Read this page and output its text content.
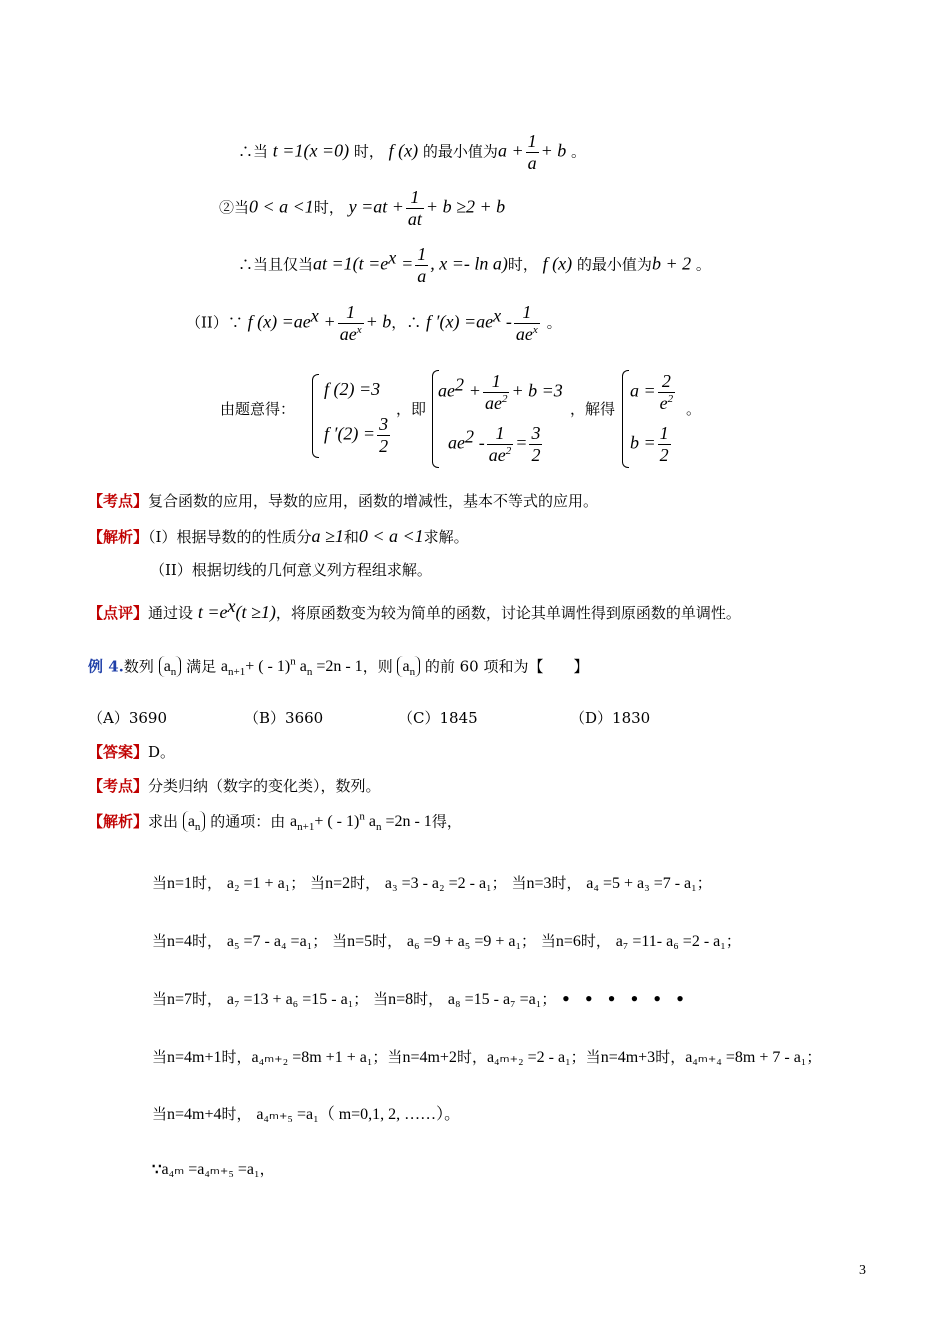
∴当 t =1(x =0) 时， f (x) 的最小值为$a + \frac{1}{a} + b$ 。
②当0 < a <1时， $y =at + \frac{1}{at} + b \ge 2 + b$
∴当且仅当at $=1(t =e^x = \frac{1}{a}$ , x =- ln a)时， f (x) 的最小值为b + 2 。
（II）∵ f $(x) =ae^x + \frac{1}{ae^x} + b$，∴ f $'(x) =ae^x - \frac{1}{ae^x}$ 。
由题意得：
f (2) =3
f $'(2) = \frac{3}{2}$
，即
$ae^2 + \frac{1}{ae^2} + b =3$
$ae^2 - \frac{1}{ae^2} = \frac{3}{2}$
，解得
$a = \frac{2}{e^2}$
$b = \frac{1}{2}$
。
【考点】复合函数的应用，导数的应用，函数的增减性，基本不等式的应用。
【解析】（I）根据导数的的性质分a ≥1和0 < a <1求解。
（II）根据切线的几何意义列方程组求解。
【点评】通过设 $t =e^x(t \ge 1)$，将原函数变为较为简单的函数，讨论其单调性得到原函数的单调性。
例 4.数列 $a_n$ 满足 $a_{n+1}+$ ( - 1)$^n$ $a_n =2n - 1$，则 $a_n$ 的前 60 项和为【　　】
（A）3690	（B）3660	（C）1845	（D）1830
【答案】D。
【考点】分类归纳（数字的变化类），数列。
【解析】求出 $a_n$ 的通项：由 $a_{n+1}+$ ( - 1)$^n$ $a_n =2n - 1$得，
当n=1时， a₂ =1 + a₁； 当n=2时， a₃ =3 - a₂ =2 - a₁； 当n=3时， a₄ =5 + a₃ =7 - a₁；
当n=4时， a₅ =7 - a₄ =a₁； 当n=5时， a₆ =9 + a₅ =9 + a₁； 当n=6时， a₇ =11- a₆ =2 - a₁；
当n=7时， a₇ =13 + a₆ =15 - a₁； 当n=8时， a₈ =15 - a₇ =a₁； • • • • • •
当n=4m+1时，a₄ₘ₊₂ =8m +1 + a₁；当n=4m+2时，a₄ₘ₊₂ =2 - a₁；当n=4m+3时，a₄ₘ₊₄ =8m + 7 - a₁；
当n=4m+4时， a₄ₘ₊₅ =a₁（ m=0,1, 2, ……）。
∵a₄ₘ =a₄ₘ₊₅ =a₁，
3
